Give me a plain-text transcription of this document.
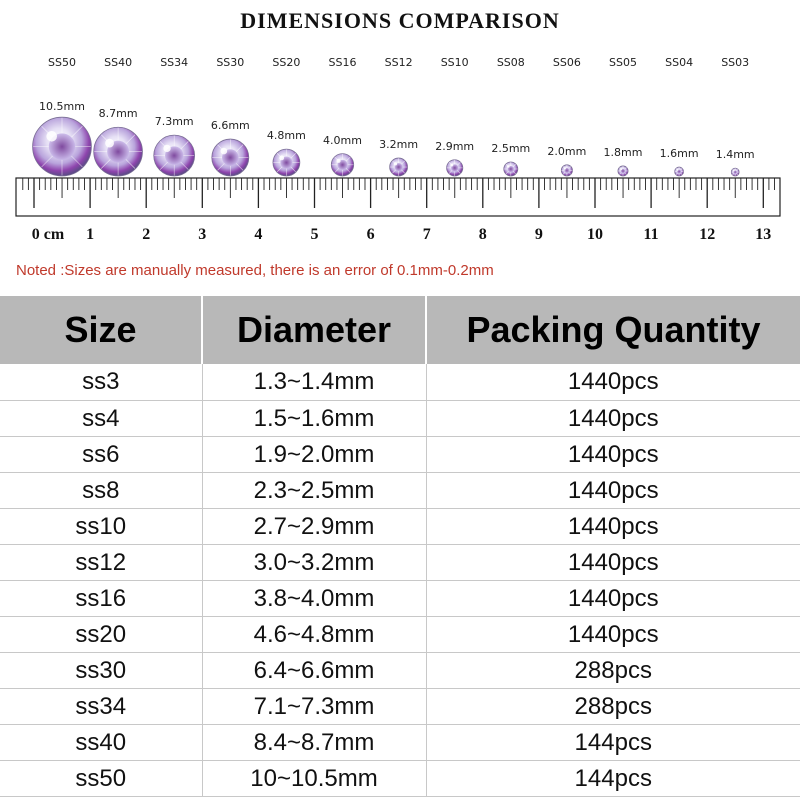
DIMENSIONS COMPARISON
SS50
10.5mm
SS40
8.7mm
SS34
7.3mm
SS30
6.6mm
SS20
4.8mm
SS16
4.0mm
SS12
3.2mm
SS10
2.9mm
SS08
2.5mm
SS06
2.0mm
SS05
1.8mm
SS04
1.6mm
SS03
1.4mm
0 cm	1	2	3	4	5	6	7	8	9	10	11	12	13
Noted :Sizes are manually measured, there is an error of 0.1mm-0.2mm
Size	Diameter	Packing Quantity
ss3	1.3~1.4mm	1440pcs
ss4	1.5~1.6mm	1440pcs
ss6	1.9~2.0mm	1440pcs
ss8	2.3~2.5mm	1440pcs
ss10	2.7~2.9mm	1440pcs
ss12	3.0~3.2mm	1440pcs
ss16	3.8~4.0mm	1440pcs
ss20	4.6~4.8mm	1440pcs
ss30	6.4~6.6mm	288pcs
ss34	7.1~7.3mm	288pcs
ss40	8.4~8.7mm	144pcs
ss50	10~10.5mm	144pcs
